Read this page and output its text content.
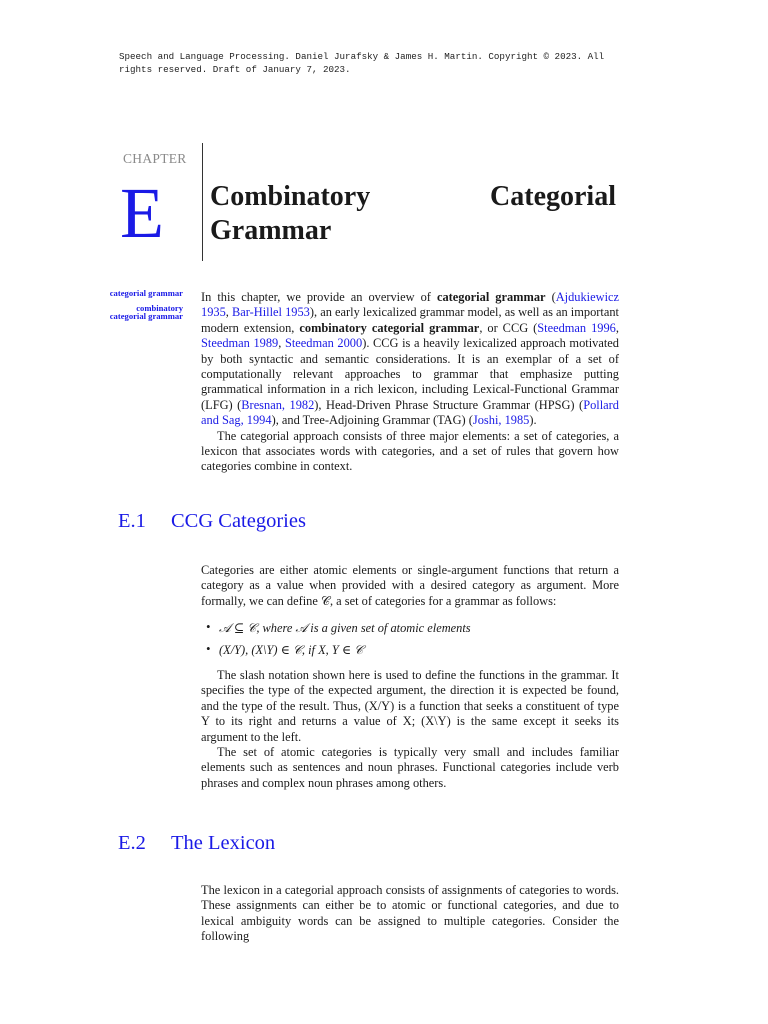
Speech and Language Processing. Daniel Jurafsky & James H. Martin. Copyright © 2023. All
rights reserved. Draft of January 7, 2023.
CHAPTER
E Combinatory	Categorial
Grammar
categorial grammar
combinatory categorial grammar

In this chapter, we provide an overview of categorial grammar (Ajdukiewicz 1935, Bar-Hillel 1953), an early lexicalized grammar model, as well as an important modern extension, combinatory categorial grammar, or CCG (Steedman 1996, Steedman 1989, Steedman 2000). CCG is a heavily lexicalized approach motivated by both syntactic and semantic considerations. It is an exemplar of a set of computationally relevant approaches to grammar that emphasize putting grammatical information in a rich lexicon, including Lexical-Functional Grammar (LFG) (Bresnan, 1982), Head-Driven Phrase Structure Grammar (HPSG) (Pollard and Sag, 1994), and Tree-Adjoining Grammar (TAG) (Joshi, 1985).

The categorial approach consists of three major elements: a set of categories, a lexicon that associates words with categories, and a set of rules that govern how categories combine in context.

E.1 CCG Categories

Categories are either atomic elements or single-argument functions that return a category as a value when provided with a desired category as argument. More formally, we can define 𝒞, a set of categories for a grammar as follows:

• 𝒜 ⊆ 𝒞, where 𝒜 is a given set of atomic elements
• (X/Y), (X\Y) ∈ 𝒞, if X, Y ∈ 𝒞

The slash notation shown here is used to define the functions in the grammar. It specifies the type of the expected argument, the direction it is expected be found, and the type of the result. Thus, (X/Y) is a function that seeks a constituent of type Y to its right and returns a value of X; (X\Y) is the same except it seeks its argument to the left.

The set of atomic categories is typically very small and includes familiar elements such as sentences and noun phrases. Functional categories include verb phrases and complex noun phrases among others.

E.2 The Lexicon

The lexicon in a categorial approach consists of assignments of categories to words. These assignments can either be to atomic or functional categories, and due to lexical ambiguity words can be assigned to multiple categories. Consider the following
